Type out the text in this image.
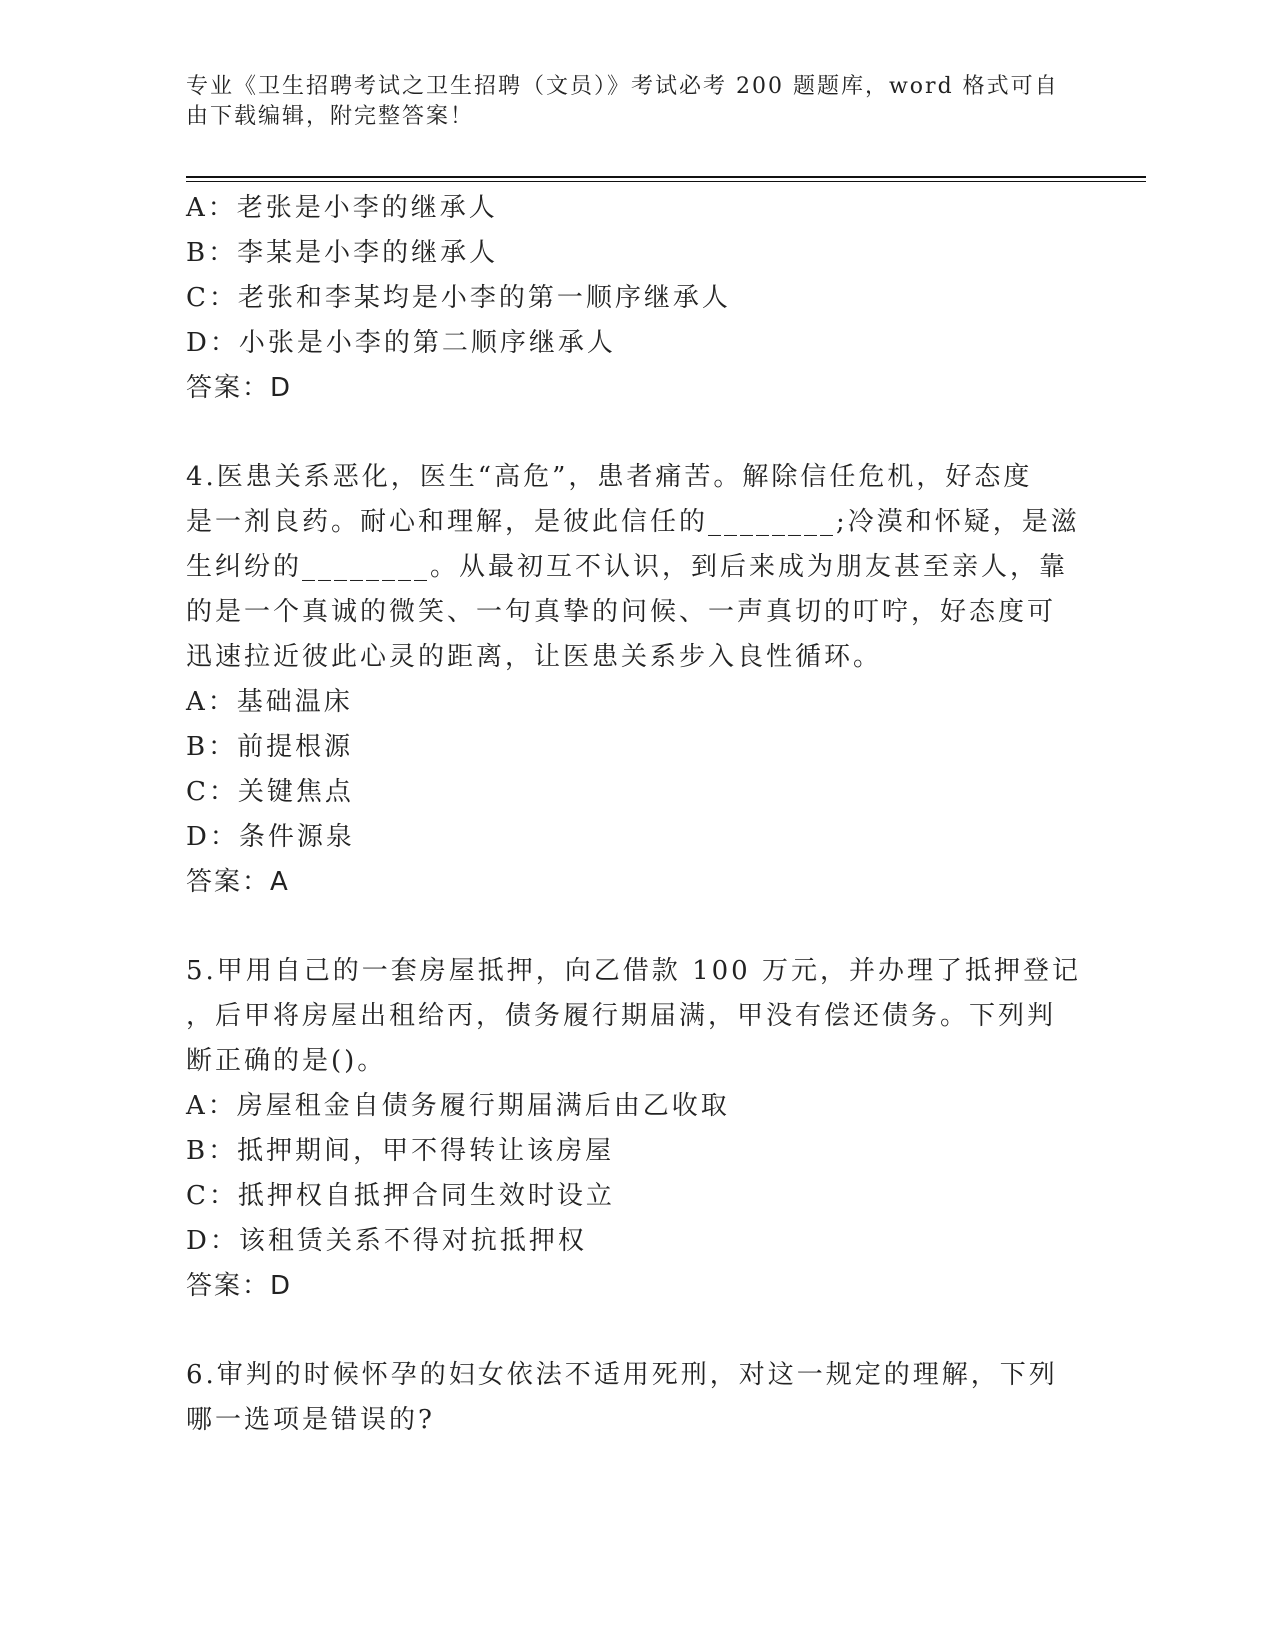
专业《卫生招聘考试之卫生招聘（文员）》考试必考 200 题题库，word 格式可自
由下载编辑，附完整答案！
A：老张是小李的继承人
B：李某是小李的继承人
C：老张和李某均是小李的第一顺序继承人
D：小张是小李的第二顺序继承人
答案：D
4.医患关系恶化，医生“高危”，患者痛苦。解除信任危机，好态度
是一剂良药。耐心和理解，是彼此信任的________;冷漠和怀疑，是滋
生纠纷的________。从最初互不认识，到后来成为朋友甚至亲人，靠
的是一个真诚的微笑、一句真挚的问候、一声真切的叮咛，好态度可
迅速拉近彼此心灵的距离，让医患关系步入良性循环。
A：基础温床
B：前提根源
C：关键焦点
D：条件源泉
答案：A
5.甲用自己的一套房屋抵押，向乙借款 100 万元，并办理了抵押登记
，后甲将房屋出租给丙，债务履行期届满，甲没有偿还债务。下列判
断正确的是()。
A：房屋租金自债务履行期届满后由乙收取
B：抵押期间，甲不得转让该房屋
C：抵押权自抵押合同生效时设立
D：该租赁关系不得对抗抵押权
答案：D
6.审判的时候怀孕的妇女依法不适用死刑，对这一规定的理解，下列
哪一选项是错误的?
